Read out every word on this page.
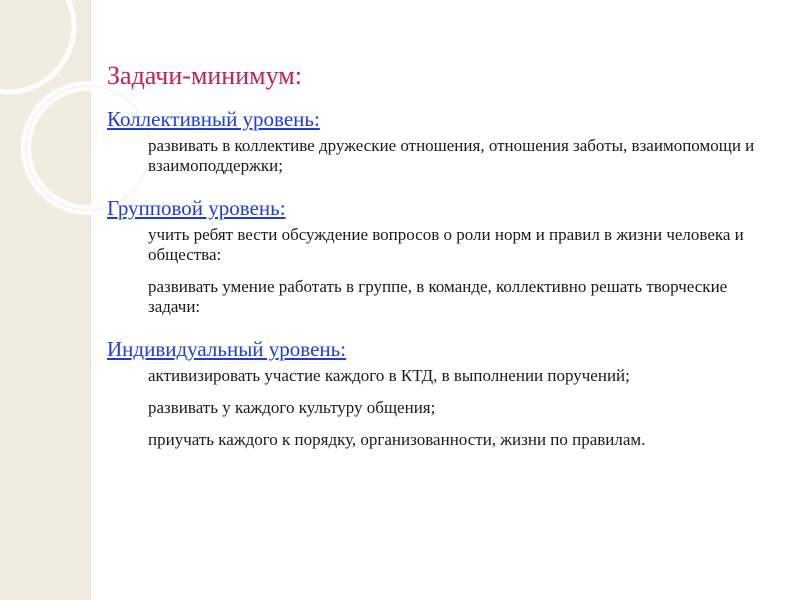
Задачи-минимум:
Коллективный уровень:
развивать в коллективе дружеские отношения, отношения заботы, взаимопомощи и взаимоподдержки;
Групповой уровень:
учить ребят вести обсуждение вопросов о роли норм и правил в жизни человека и общества:
развивать умение работать в группе, в команде, коллективно решать творческие задачи:
Индивидуальный уровень:
активизировать участие каждого в КТД, в выполнении поручений;
развивать у каждого культуру общения;
приучать каждого к порядку, организованности, жизни по правилам.
